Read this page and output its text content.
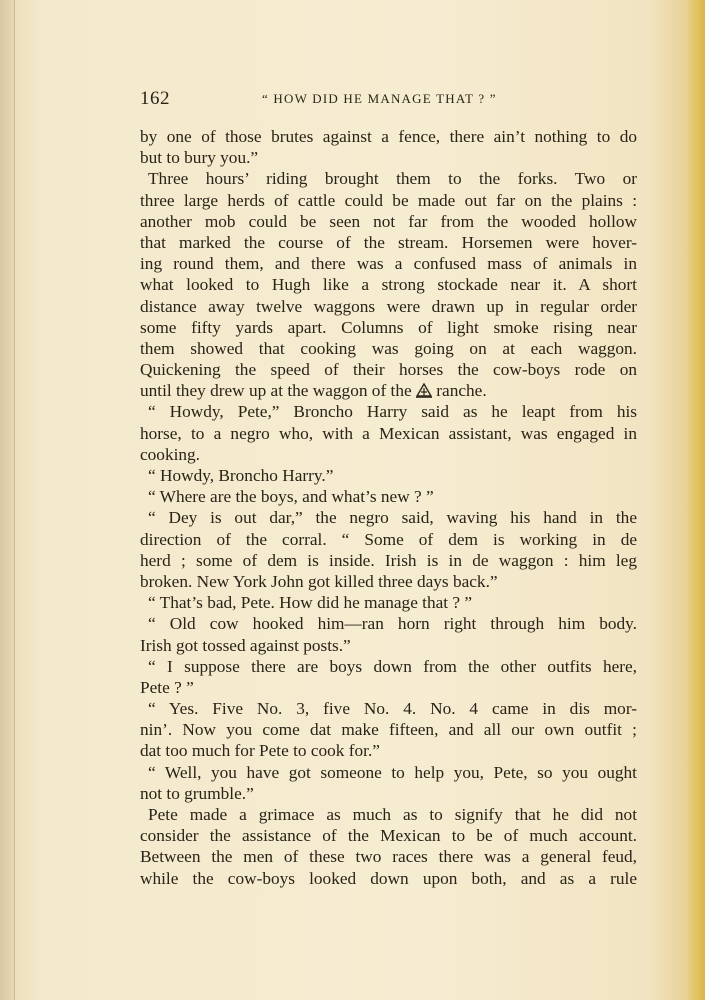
162	“ HOW DID HE MANAGE THAT ? ”
by one of those brutes against a fence, there ain’t nothing to do
but to bury you.”
Three hours’ riding brought them to the forks. Two or
three large herds of cattle could be made out far on the plains :
another mob could be seen not far from the wooded hollow
that marked the course of the stream. Horsemen were hover-
ing round them, and there was a confused mass of animals in
what looked to Hugh like a strong stockade near it. A short
distance away twelve waggons were drawn up in regular order
some fifty yards apart. Columns of light smoke rising near
them showed that cooking was going on at each waggon.
Quickening the speed of their horses the cow-boys rode on
until they drew up at the waggon of the  ranche.
“ Howdy, Pete,” Broncho Harry said as he leapt from his
horse, to a negro who, with a Mexican assistant, was engaged in
cooking.
“ Howdy, Broncho Harry.”
“ Where are the boys, and what’s new ? ”
“ Dey is out dar,” the negro said, waving his hand in the
direction of the corral. “ Some of dem is working in de
herd ; some of dem is inside. Irish is in de waggon : him leg
broken. New York John got killed three days back.”
“ That’s bad, Pete. How did he manage that ? ”
“ Old cow hooked him—ran horn right through him body.
Irish got tossed against posts.”
“ I suppose there are boys down from the other outfits here,
Pete ? ”
“ Yes. Five No. 3, five No. 4. No. 4 came in dis mor-
nin’. Now you come dat make fifteen, and all our own outfit ;
dat too much for Pete to cook for.”
“ Well, you have got someone to help you, Pete, so you ought
not to grumble.”
Pete made a grimace as much as to signify that he did not
consider the assistance of the Mexican to be of much account.
Between the men of these two races there was a general feud,
while the cow-boys looked down upon both, and as a rule
